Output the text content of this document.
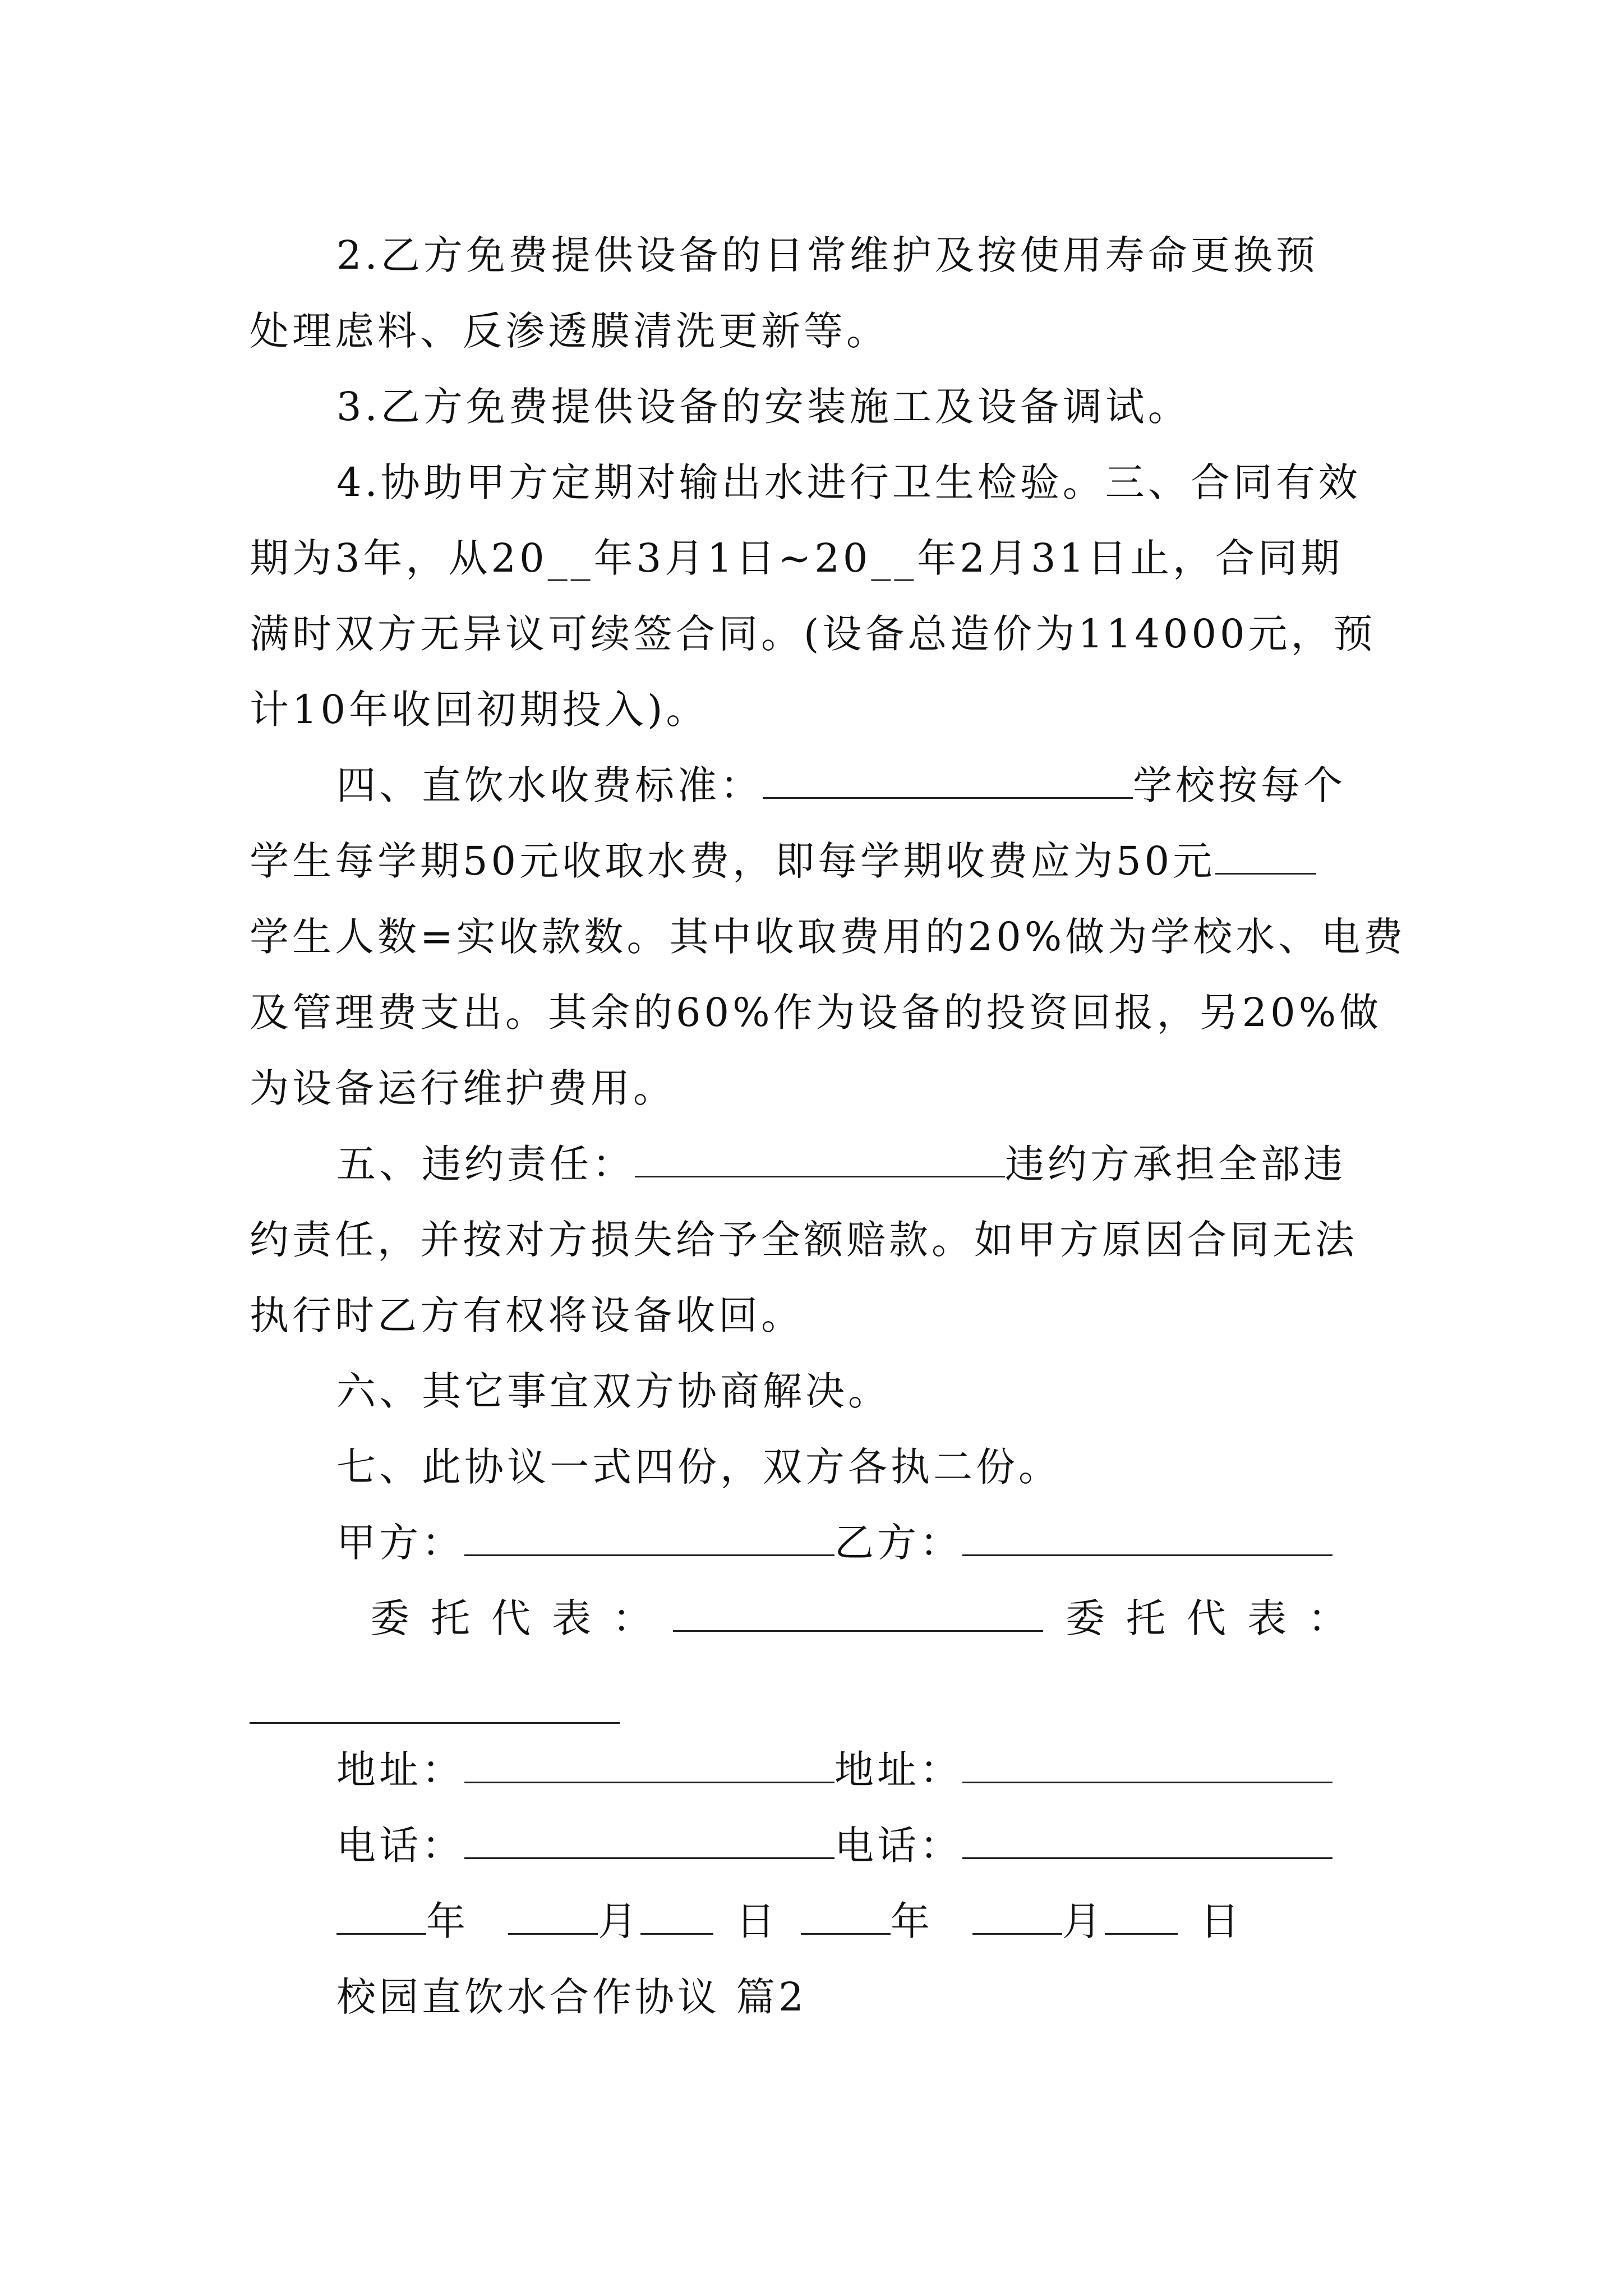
2.乙方免费提供设备的日常维护及按使用寿命更换预
处理虑料、反渗透膜清洗更新等。
3.乙方免费提供设备的安装施工及设备调试。
4.协助甲方定期对输出水进行卫生检验。三、合同有效
期为3年，从20__年3月1日~20__年2月31日止，合同期
满时双方无异议可续签合同。(设备总造价为114000元，预
计10年收回初期投入)。
四、直饮水收费标准：	学校按每个
学生每学期50元收取水费，即每学期收费应为50元
学生人数=实收款数。其中收取费用的20%做为学校水、电费
及管理费支出。其余的60%作为设备的投资回报，另20%做
为设备运行维护费用。
五、违约责任：	违约方承担全部违
约责任，并按对方损失给予全额赔款。如甲方原因合同无法
执行时乙方有权将设备收回。
六、其它事宜双方协商解决。
七、此协议一式四份，双方各执二份。
甲方：	乙方：
委托代表：	委托代表：
地址：	地址：
电话：	电话：
年	月 日	年	月 日
校园直饮水合作协议 篇2
